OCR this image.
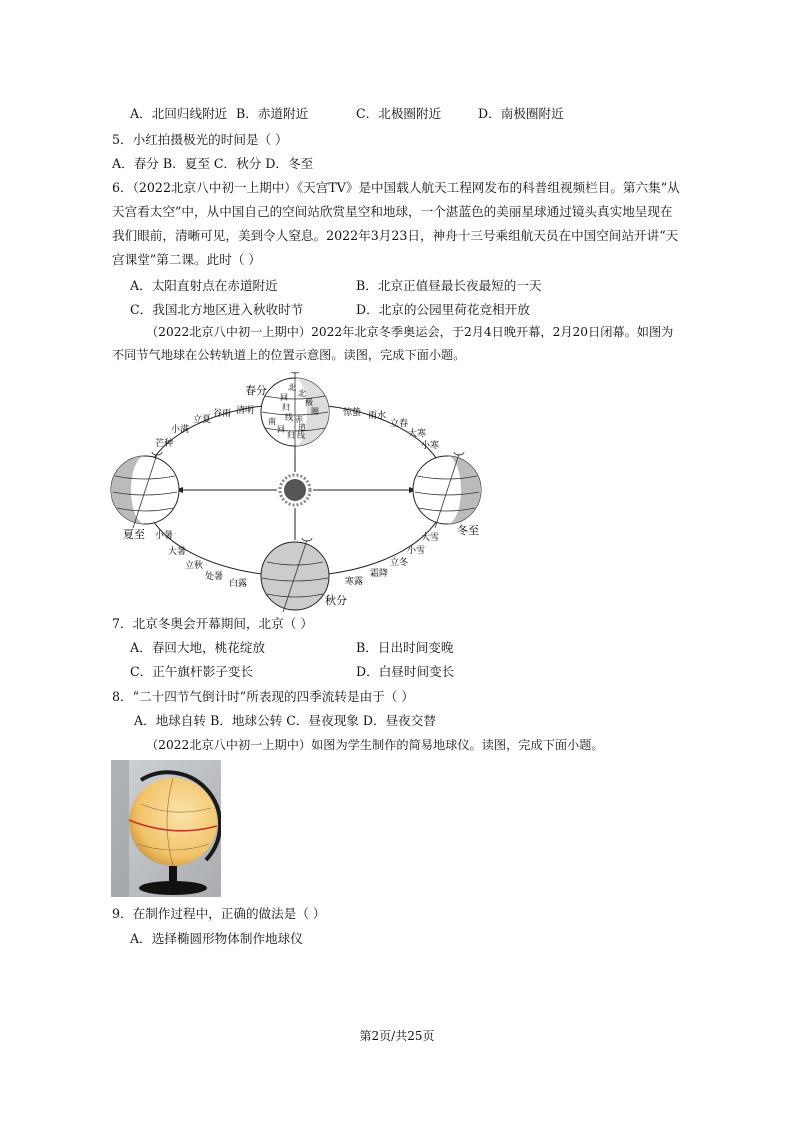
A．北回归线附近 B．赤道附近	C．北极圈附近	D．南极圈附近
5．小红拍摄极光的时间是（ ）
A．春分 B．夏至 C．秋分 D．冬至
6．（2022北京八中初一上期中）《天宫TV》是中国载人航天工程网发布的科普组视频栏目。第六集“从天宫看太空”中，从中国自己的空间站欣赏星空和地球，一个湛蓝色的美丽星球通过镜头真实地呈现在我们眼前，清晰可见，美到令人窒息。2022年3月23日，神舟十三号乘组航天员在中国空间站开讲“天宫课堂”第二课。此时（ ）
A．太阳直射点在赤道附近	B．北京正值昼最长夜最短的一天
C．我国北方地区进入秋收时节	D．北京的公园里荷花竞相开放
（2022北京八中初一上期中）2022年北京冬季奥运会，于2月4日晚开幕，2月20日闭幕。如图为不同节气地球在公转轨道上的位置示意图。读图，完成下面小题。
北
回
归
线
北
极
圈
赤
道
南
回
归 线
春分
夏至	冬至
秋分
清明
谷雨
立夏
小满
芒种
惊蛰 雨水
立春
大寒
小寒
小暑
大暑
立秋
处暑
白露
大雪
小雪
立冬
霜降
寒露
7．北京冬奥会开幕期间，北京（ ）
A．春回大地，桃花绽放	B．日出时间变晚
C．正午旗杆影子变长	D．白昼时间变长
8．“二十四节气倒计时”所表现的四季流转是由于（ ）
A．地球自转 B．地球公转 C．昼夜现象 D．昼夜交替
（2022北京八中初一上期中）如图为学生制作的简易地球仪。读图，完成下面小题。
9．在制作过程中，正确的做法是（ ）
A．选择椭圆形物体制作地球仪
第2页/共25页
